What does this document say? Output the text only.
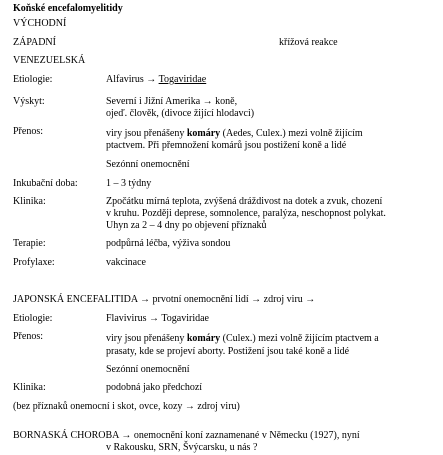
Koňské encefalomyelitidy
VÝCHODNÍ
ZÁPADNÍ	křížová reakce
VENEZUELSKÁ
Etiologie:	Alfavirus → Togaviridae
Výskyt:	Severní i Jižní Amerika → koně,
ojeď. člověk, (divoce žijící hlodavci)
Přenos:	viry jsou přenášeny komáry (Aedes, Culex.) mezi volně žijícím
ptactvem. Při přemnožení komárů jsou postižení koně a lidé
Sezónní onemocnění
Inkubační doba:	1 – 3 týdny
Klinika:	Zpočátku mírná teplota, zvýšená dráždivost na dotek a zvuk, chození
v kruhu. Později deprese, somnolence, paralýza, neschopnost polykat.
Uhyn za 2 – 4 dny po objevení příznaků
Terapie:	podpůrná léčba, výživa sondou
Profylaxe:	vakcinace
JAPONSKÁ ENCEFALITIDA → prvotní onemocnění lidí → zdroj viru →
Etiologie:	Flavivirus → Togaviridae
Přenos:	viry jsou přenášeny komáry (Culex.) mezi volně žijícím ptactvem a
prasaty, kde se projeví aborty. Postižení jsou také koně a lidé
Sezónní onemocnění
Klinika:	podobná jako předchozí
(bez příznaků onemocní i skot, ovce, kozy → zdroj viru)
BORNASKÁ CHOROBA → onemocnění koní zaznamenané v Německu (1927), nyní
v Rakousku, SRN, Švýcarsku, u nás ?
